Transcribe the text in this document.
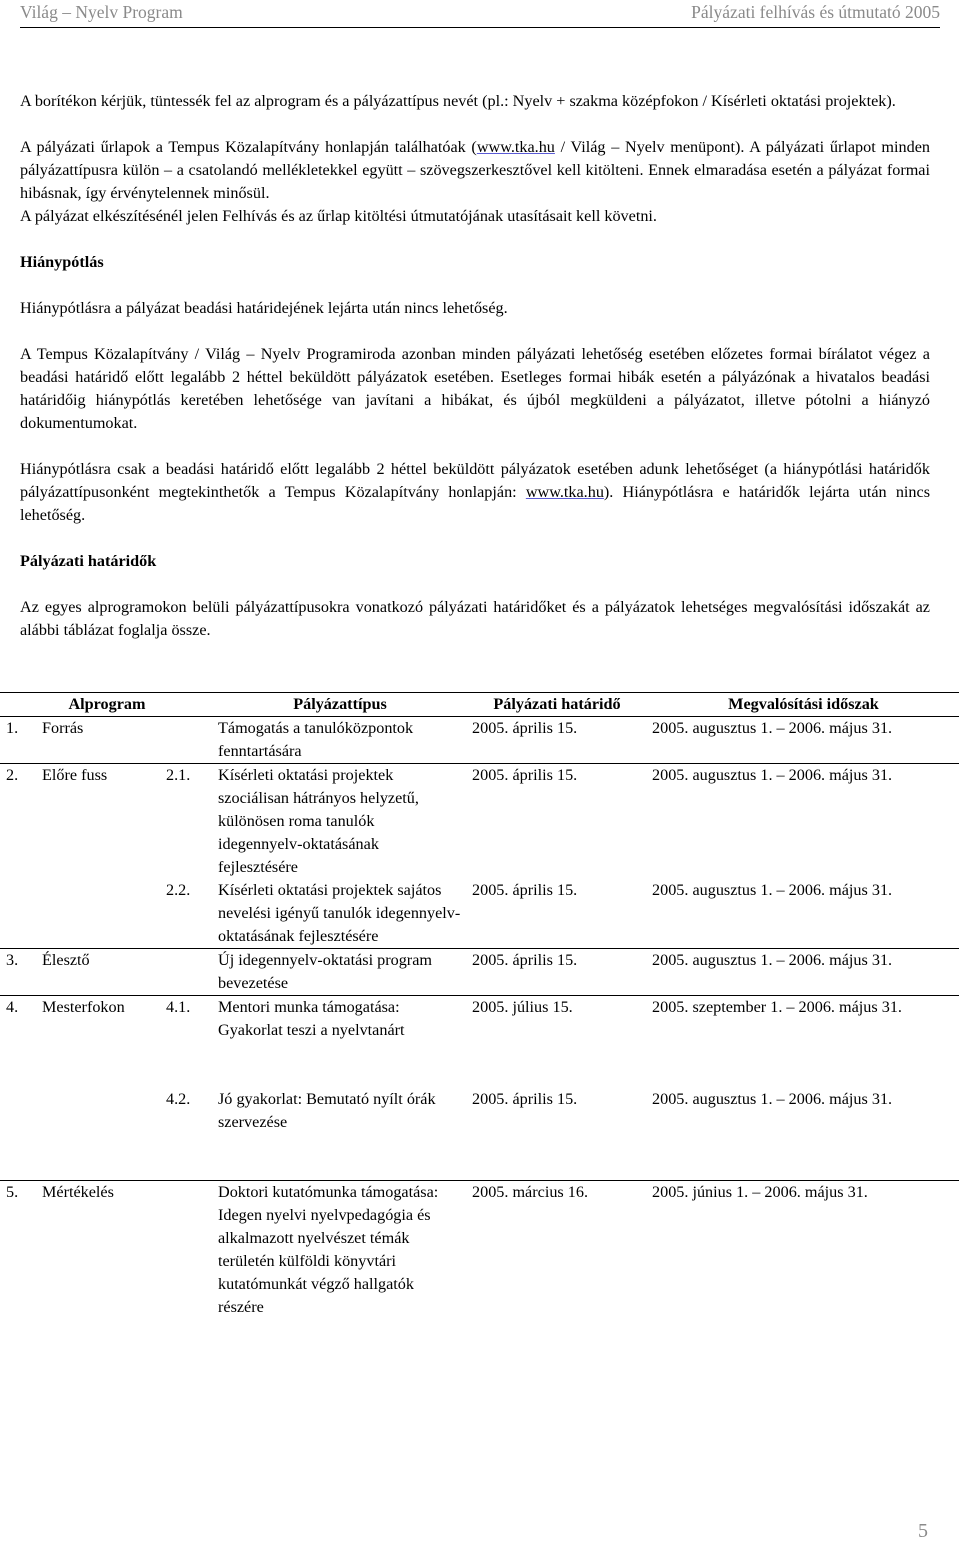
Világ – Nyelv Program	Pályázati felhívás és útmutató 2005

A borítékon kérjük, tüntessék fel az alprogram és a pályázattípus nevét (pl.: Nyelv + szakma középfokon / Kísérleti oktatási projektek).

A pályázati űrlapok a Tempus Közalapítvány honlapján találhatóak (www.tka.hu / Világ – Nyelv menüpont). A pályázati űrlapot minden pályázattípusra külön – a csatolandó mellékletekkel együtt – szövegszerkesztővel kell kitölteni. Ennek elmaradása esetén a pályázat formai hibásnak, így érvénytelennek minősül.

A pályázat elkészítésénél jelen Felhívás és az űrlap kitöltési útmutatójának utasításait kell követni.

Hiánypótlás

Hiánypótlásra a pályázat beadási határidejének lejárta után nincs lehetőség.

A Tempus Közalapítvány / Világ – Nyelv Programiroda azonban minden pályázati lehetőség esetében előzetes formai bírálatot végez a beadási határidő előtt legalább 2 héttel beküldött pályázatok esetében. Esetleges formai hibák esetén a pályázónak a hivatalos beadási határidőig hiánypótlás keretében lehetősége van javítani a hibákat, és újból megküldeni a pályázatot, illetve pótolni a hiányzó dokumentumokat.

Hiánypótlásra csak a beadási határidő előtt legalább 2 héttel beküldött pályázatok esetében adunk lehetőséget (a hiánypótlási határidők pályázattípusonként megtekinthetők a Tempus Közalapítvány honlapján: www.tka.hu). Hiánypótlásra e határidők lejárta után nincs lehetőség.

Pályázati határidők

Az egyes alprogramokon belüli pályázattípusokra vonatkozó pályázati határidőket és a pályázatok lehetséges megvalósítási időszakát az alábbi táblázat foglalja össze.

Alprogram			Pályázattípus	Pályázati határidő	Megvalósítási időszak
1.	Forrás		Támogatás a tanulóközpontok fenntartására	2005. április 15.	2005. augusztus 1. – 2006. május 31.
2.	Előre fuss	2.1.	Kísérleti oktatási projektek szociálisan hátrányos helyzetű, különösen roma tanulók idegennyelv-oktatásának fejlesztésére	2005. április 15.	2005. augusztus 1. – 2006. május 31.
		2.2.	Kísérleti oktatási projektek sajátos nevelési igényű tanulók idegennyelv-oktatásának fejlesztésére	2005. április 15.	2005. augusztus 1. – 2006. május 31.
3.	Élesztő		Új idegennyelv-oktatási program bevezetése	2005. április 15.	2005. augusztus 1. – 2006. május 31.
4.	Mesterfokon	4.1.	Mentori munka támogatása: Gyakorlat teszi a nyelvtanárt	2005. július 15.	2005. szeptember 1. – 2006. május 31.
		4.2.	Jó gyakorlat: Bemutató nyílt órák szervezése	2005. április 15.	2005. augusztus 1. – 2006. május 31.
5.	Mértékelés		Doktori kutatómunka támogatása: Idegen nyelvi nyelvpedagógia és alkalmazott nyelvészet témák területén külföldi könyvtári kutatómunkát végző hallgatók részére	2005. március 16.	2005. június 1. – 2006. május 31.
5
